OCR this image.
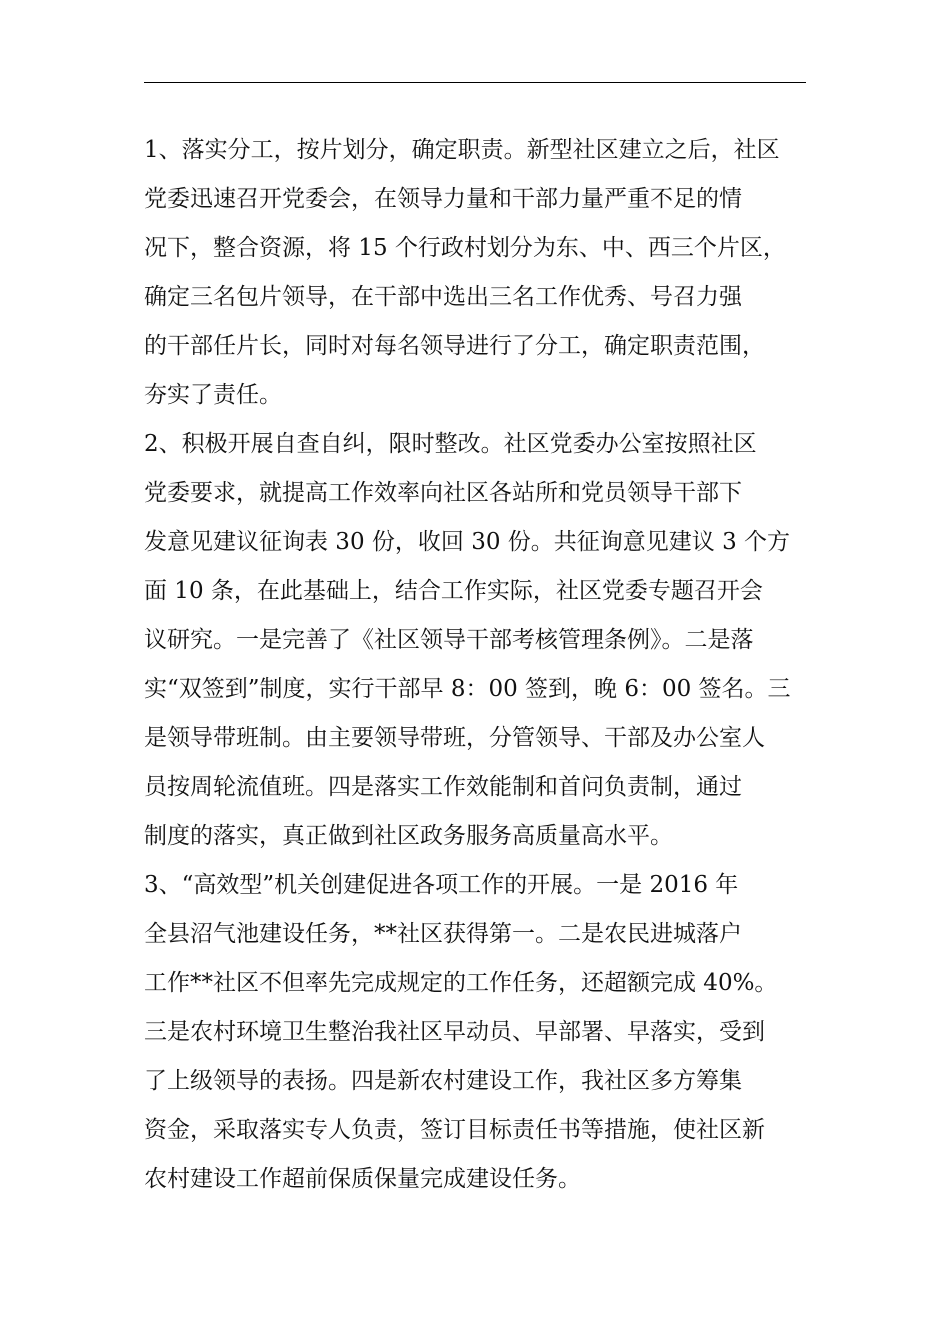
1、落实分工，按片划分，确定职责。新型社区建立之后，社区
党委迅速召开党委会，在领导力量和干部力量严重不足的情
况下，整合资源，将 15 个行政村划分为东、中、西三个片区，
确定三名包片领导，在干部中选出三名工作优秀、号召力强
的干部任片长，同时对每名领导进行了分工，确定职责范围，
夯实了责任。
2、积极开展自查自纠，限时整改。社区党委办公室按照社区
党委要求，就提高工作效率向社区各站所和党员领导干部下
发意见建议征询表 30 份，收回 30 份。共征询意见建议 3 个方
面 10 条，在此基础上，结合工作实际，社区党委专题召开会
议研究。一是完善了《社区领导干部考核管理条例》。二是落
实“双签到”制度，实行干部早 8：00 签到，晚 6：00 签名。三
是领导带班制。由主要领导带班，分管领导、干部及办公室人
员按周轮流值班。四是落实工作效能制和首问负责制，通过
制度的落实，真正做到社区政务服务高质量高水平。
3、“高效型”机关创建促进各项工作的开展。一是 2016 年
全县沼气池建设任务，**社区获得第一。二是农民进城落户
工作**社区不但率先完成规定的工作任务，还超额完成 40%。
三是农村环境卫生整治我社区早动员、早部署、早落实，受到
了上级领导的表扬。四是新农村建设工作，我社区多方筹集
资金，采取落实专人负责，签订目标责任书等措施，使社区新
农村建设工作超前保质保量完成建设任务。
